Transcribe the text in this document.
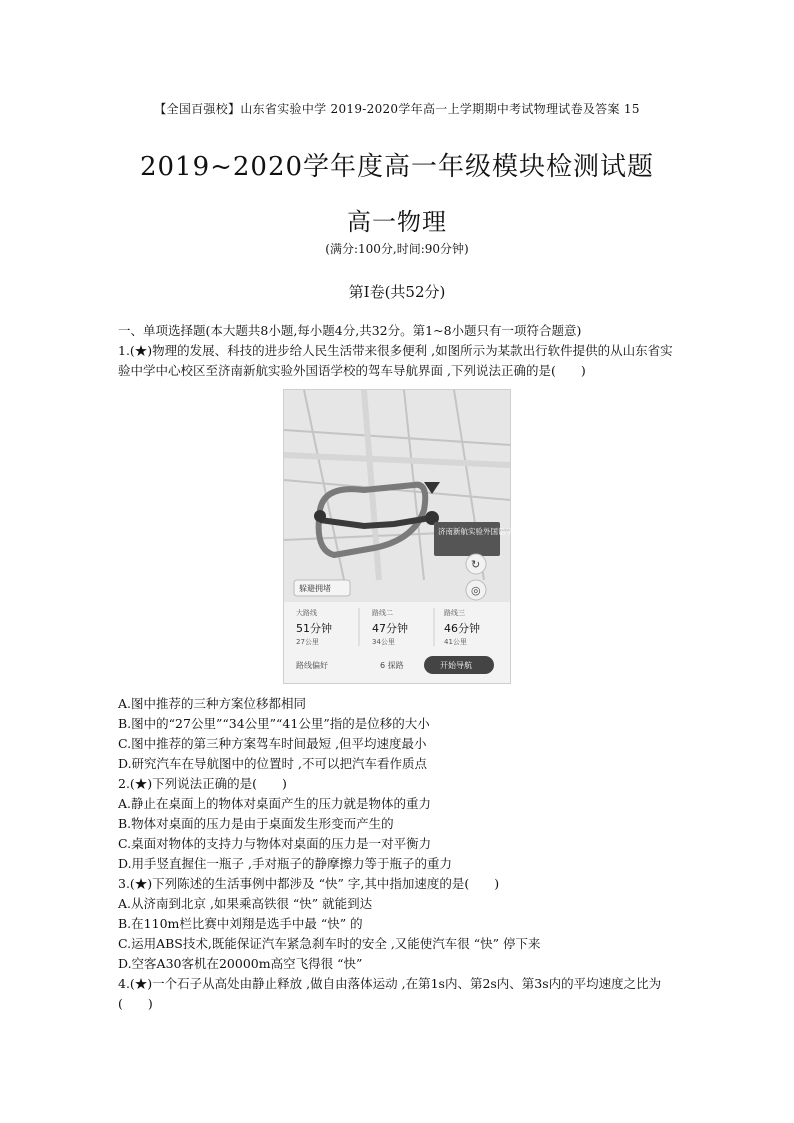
【全国百强校】山东省实验中学 2019-2020学年高一上学期期中考试物理试卷及答案 15
2019~2020学年度高一年级模块检测试题
高一物理
(满分:100分,时间:90分钟)
第Ⅰ卷(共52分)
一、单项选择题(本大题共8小题,每小题4分,共32分。第1~8小题只有一项符合题意)
1.(★)物理的发展、科技的进步给人民生活带来很多便利 ,如图所示为某款出行软件提供的从山东省实验中学中心校区至济南新航实验外国语学校的驾车导航界面 ,下列说法正确的是(　　)
济南新航实验外国语学校
↻
◎
躲避拥堵
大路线
51分钟
27公里
路线二
47分钟
34公里
路线三
46分钟
41公里
路线偏好	6 探路	开始导航
A.图中推荐的三种方案位移都相同
B.图中的“27公里”“34公里”“41公里”指的是位移的大小
C.图中推荐的第三种方案驾车时间最短 ,但平均速度最小
D.研究汽车在导航图中的位置时 ,不可以把汽车看作质点
2.(★)下列说法正确的是(　　)
A.静止在桌面上的物体对桌面产生的压力就是物体的重力
B.物体对桌面的压力是由于桌面发生形变而产生的
C.桌面对物体的支持力与物体对桌面的压力是一对平衡力
D.用手竖直握住一瓶子 ,手对瓶子的静摩擦力等于瓶子的重力
3.(★)下列陈述的生活事例中都涉及 “快” 字,其中指加速度的是(　　)
A.从济南到北京 ,如果乘高铁很 “快” 就能到达
B.在110m栏比赛中刘翔是选手中最 “快” 的
C.运用ABS技术,既能保证汽车紧急刹车时的安全 ,又能使汽车很 “快” 停下来
D.空客A30客机在20000m高空飞得很 “快”
4.(★)一个石子从高处由静止释放 ,做自由落体运动 ,在第1s内、第2s内、第3s内的平均速度之比为(　　)
